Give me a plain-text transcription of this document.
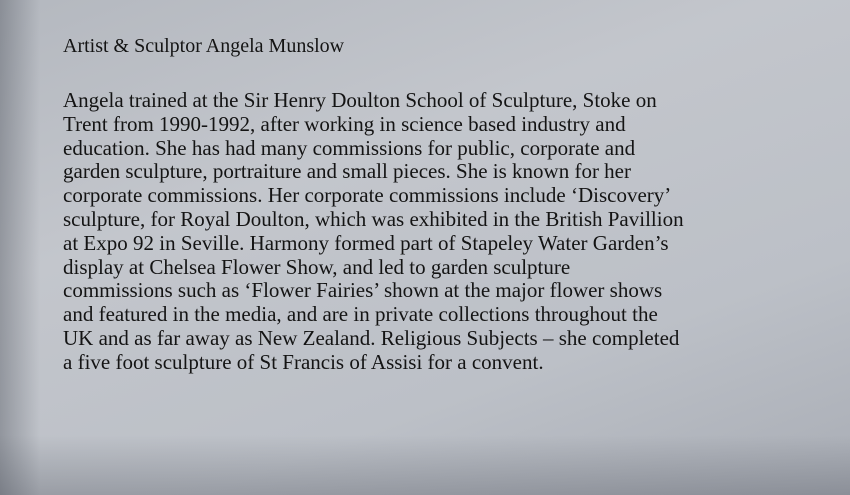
Artist & Sculptor Angela Munslow

Angela trained at the Sir Henry Doulton School of Sculpture, Stoke on
Trent from 1990-1992, after working in science based industry and
education. She has had many commissions for public, corporate and
garden sculpture, portraiture and small pieces. She is known for her
corporate commissions. Her corporate commissions include ‘Discovery’
sculpture, for Royal Doulton, which was exhibited in the British Pavillion
at Expo 92 in Seville. Harmony formed part of Stapeley Water Garden’s
display at Chelsea Flower Show, and led to garden sculpture
commissions such as ‘Flower Fairies’ shown at the major flower shows
and featured in the media, and are in private collections throughout the
UK and as far away as New Zealand. Religious Subjects – she completed
a five foot sculpture of St Francis of Assisi for a convent.
